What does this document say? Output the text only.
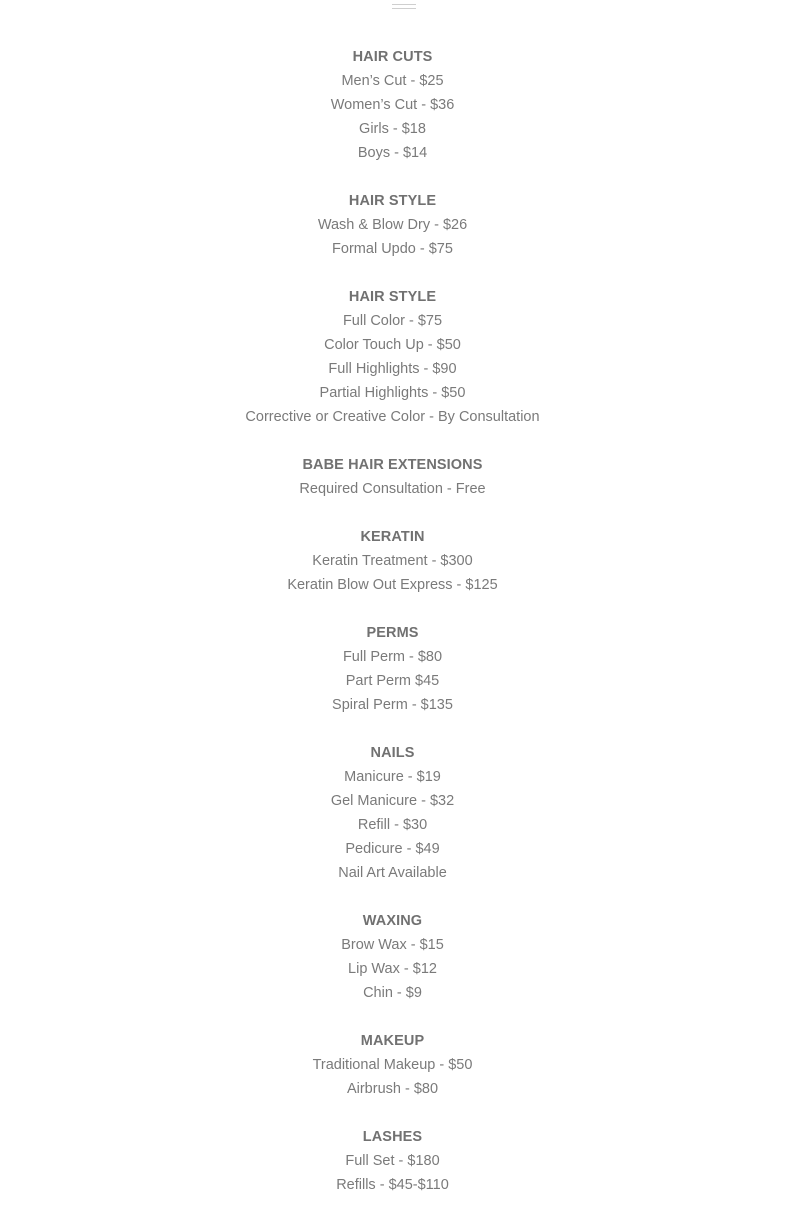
HAIR CUTS
Men’s Cut - $25
Women’s Cut - $36
Girls - $18
Boys - $14
HAIR STYLE
Wash & Blow Dry - $26
Formal Updo - $75
HAIR STYLE
Full Color - $75
Color Touch Up - $50
Full Highlights - $90
Partial Highlights - $50
Corrective or Creative Color - By Consultation
BABE HAIR EXTENSIONS
Required Consultation - Free
KERATIN
Keratin Treatment - $300
Keratin Blow Out Express - $125
PERMS
Full Perm - $80
Part Perm $45
Spiral Perm - $135
NAILS
Manicure - $19
Gel Manicure - $32
Refill - $30
Pedicure - $49
Nail Art Available
WAXING
Brow Wax - $15
Lip Wax - $12
Chin - $9
MAKEUP
Traditional Makeup - $50
Airbrush - $80
LASHES
Full Set - $180
Refills - $45-$110
